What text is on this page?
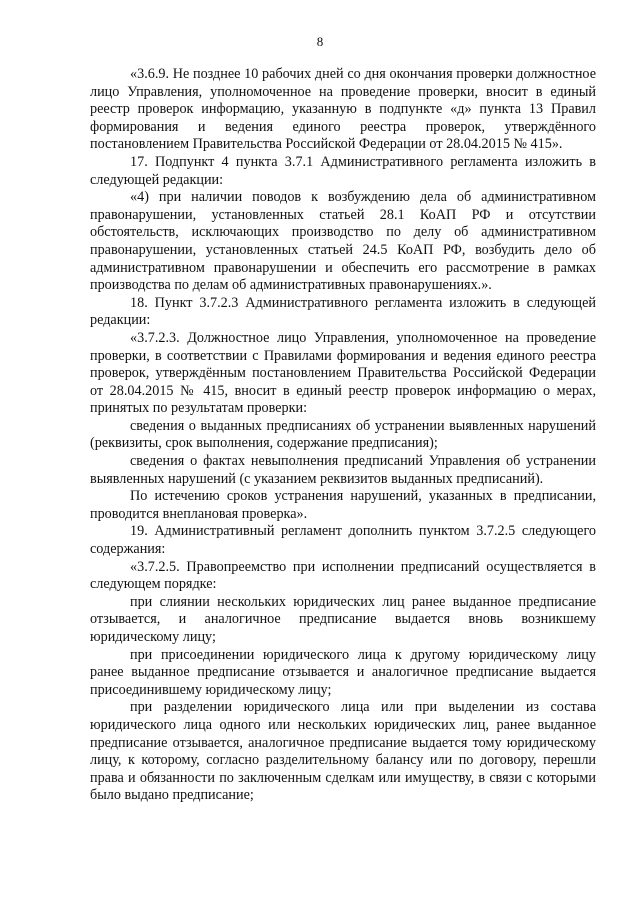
8

«3.6.9. Не позднее 10 рабочих дней со дня окончания проверки должностное лицо Управления, уполномоченное на проведение проверки, вносит в единый реестр проверок информацию, указанную в подпункте «д» пункта 13 Правил формирования и ведения единого реестра проверок, утверждённого постановлением Правительства Российской Федерации от 28.04.2015 № 415».

17. Подпункт 4 пункта 3.7.1 Административного регламента изложить в следующей редакции:

«4) при наличии поводов к возбуждению дела об административном правонарушении, установленных статьей 28.1 КоАП РФ и отсутствии обстоятельств, исключающих производство по делу об административном правонарушении, установленных статьей 24.5 КоАП РФ, возбудить дело об административном правонарушении и обеспечить его рассмотрение в рамках производства по делам об административных правонарушениях.».

18. Пункт 3.7.2.3 Административного регламента изложить в следующей редакции:

«3.7.2.3. Должностное лицо Управления, уполномоченное на проведение проверки, в соответствии с Правилами формирования и ведения единого реестра проверок, утверждённым постановлением Правительства Российской Федерации от 28.04.2015 № 415, вносит в единый реестр проверок информацию о мерах, принятых по результатам проверки:

сведения о выданных предписаниях об устранении выявленных нарушений (реквизиты, срок выполнения, содержание предписания);

сведения о фактах невыполнения предписаний Управления об устранении выявленных нарушений (с указанием реквизитов выданных предписаний).

По истечению сроков устранения нарушений, указанных в предписании, проводится внеплановая проверка».

19. Административный регламент дополнить пунктом 3.7.2.5 следующего содержания:

«3.7.2.5. Правопреемство при исполнении предписаний осуществляется в следующем порядке:

при слиянии нескольких юридических лиц ранее выданное предписание отзывается, и аналогичное предписание выдается вновь возникшему юридическому лицу;

при присоединении юридического лица к другому юридическому лицу ранее выданное предписание отзывается и аналогичное предписание выдается присоединившему юридическому лицу;

при разделении юридического лица или при выделении из состава юридического лица одного или нескольких юридических лиц, ранее выданное предписание отзывается, аналогичное предписание выдается тому юридическому лицу, к которому, согласно разделительному балансу или по договору, перешли права и обязанности по заключенным сделкам или имуществу, в связи с которыми было выдано предписание;
